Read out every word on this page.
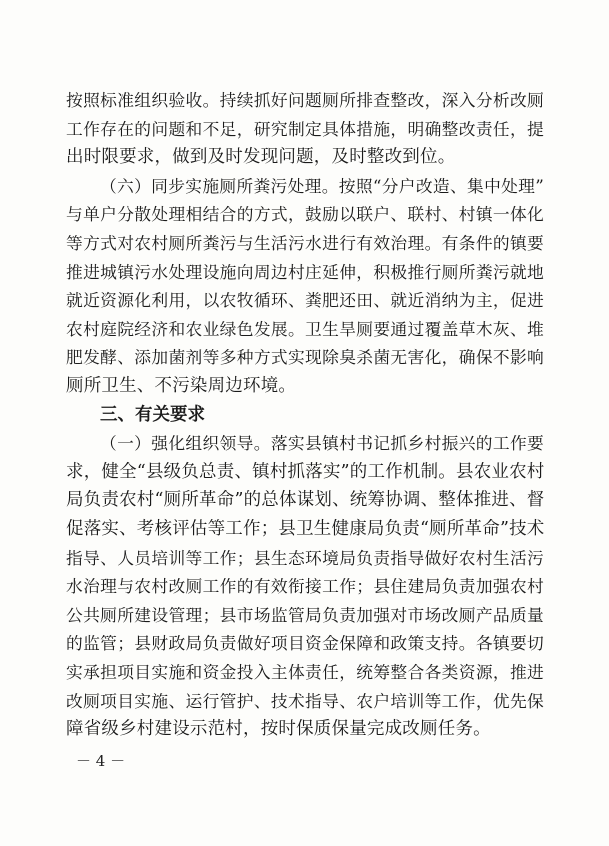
按照标准组织验收。持续抓好问题厕所排查整改，深入分析改厕
工作存在的问题和不足，研究制定具体措施，明确整改责任，提
出时限要求，做到及时发现问题，及时整改到位。
（六）同步实施厕所粪污处理。按照“分户改造、集中处理”
与单户分散处理相结合的方式，鼓励以联户、联村、村镇一体化
等方式对农村厕所粪污与生活污水进行有效治理。有条件的镇要
推进城镇污水处理设施向周边村庄延伸，积极推行厕所粪污就地
就近资源化利用，以农牧循环、粪肥还田、就近消纳为主，促进
农村庭院经济和农业绿色发展。卫生旱厕要通过覆盖草木灰、堆
肥发酵、添加菌剂等多种方式实现除臭杀菌无害化，确保不影响
厕所卫生、不污染周边环境。
三、有关要求
（一）强化组织领导。落实县镇村书记抓乡村振兴的工作要
求，健全“县级负总责、镇村抓落实”的工作机制。县农业农村
局负责农村“厕所革命”的总体谋划、统筹协调、整体推进、督
促落实、考核评估等工作；县卫生健康局负责“厕所革命”技术
指导、人员培训等工作；县生态环境局负责指导做好农村生活污
水治理与农村改厕工作的有效衔接工作；县住建局负责加强农村
公共厕所建设管理；县市场监管局负责加强对市场改厕产品质量
的监管；县财政局负责做好项目资金保障和政策支持。各镇要切
实承担项目实施和资金投入主体责任，统筹整合各类资源，推进
改厕项目实施、运行管护、技术指导、农户培训等工作，优先保
障省级乡村建设示范村，按时保质保量完成改厕任务。
－ 4 －
